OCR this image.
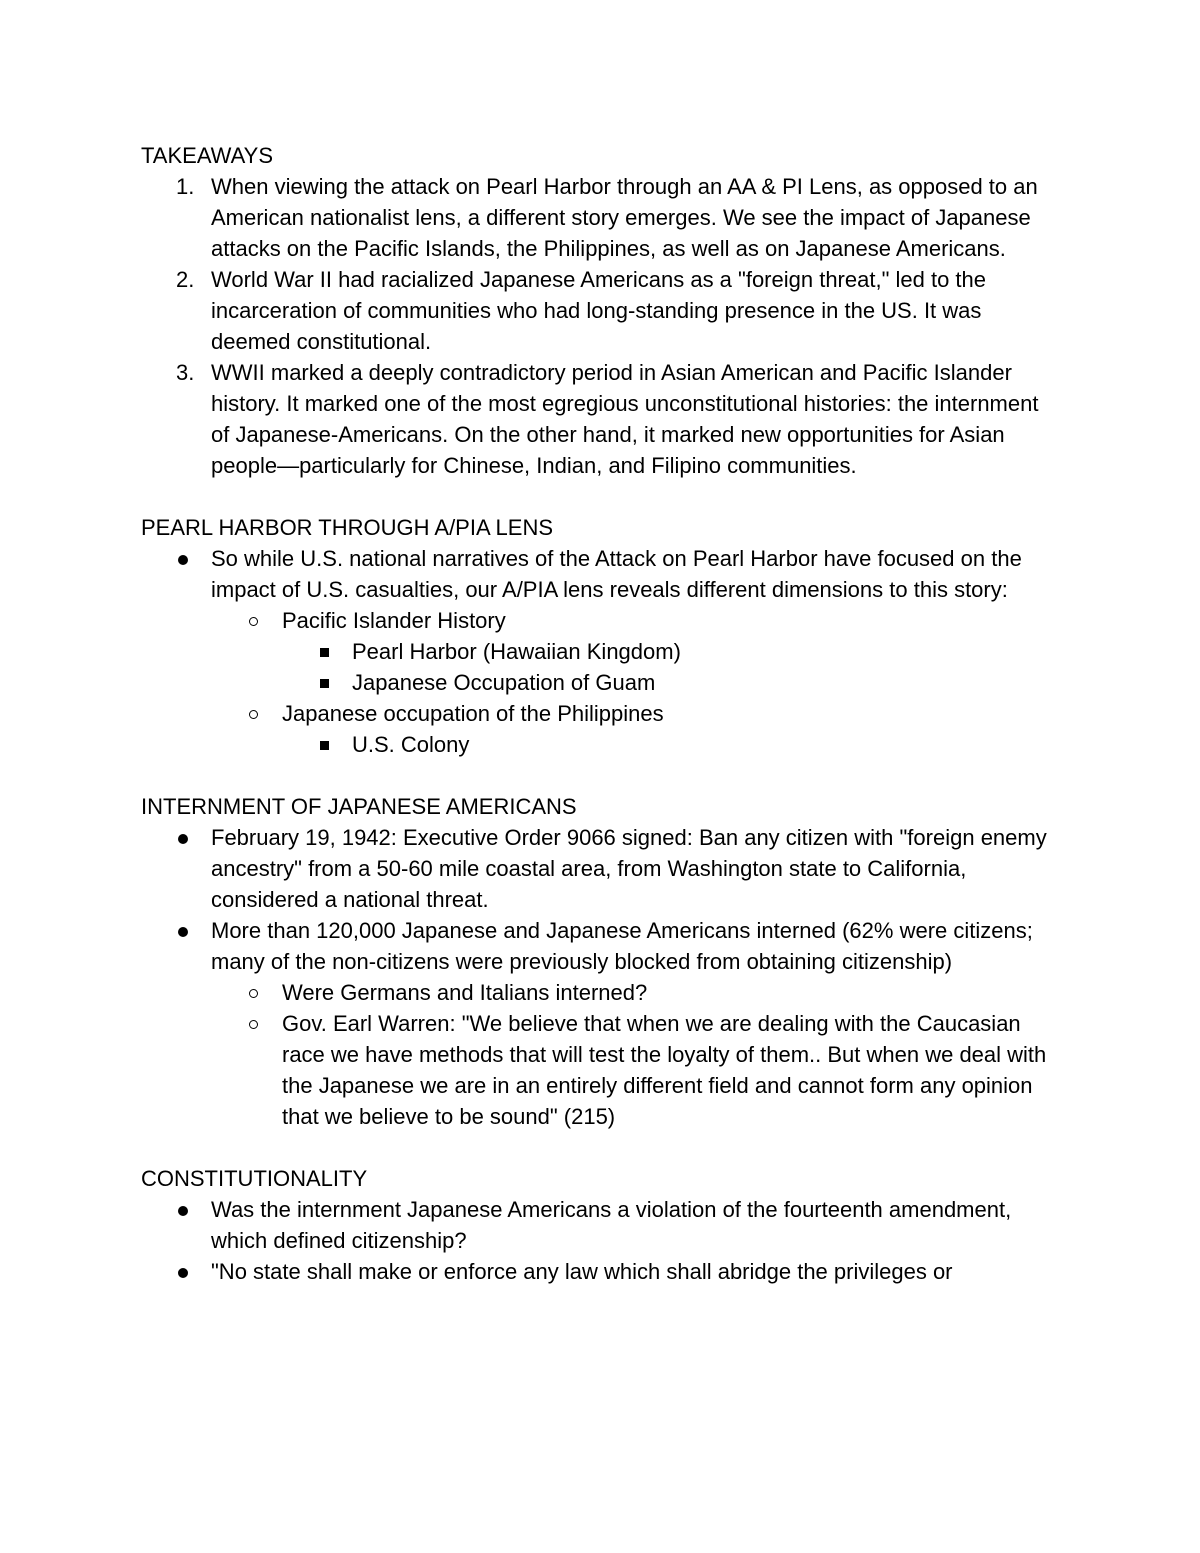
TAKEAWAYS
1. When viewing the attack on Pearl Harbor through an AA & PI Lens, as opposed to an American nationalist lens, a different story emerges. We see the impact of Japanese attacks on the Pacific Islands, the Philippines, as well as on Japanese Americans.
2. World War II had racialized Japanese Americans as a "foreign threat," led to the incarceration of communities who had long-standing presence in the US. It was deemed constitutional.
3. WWII marked a deeply contradictory period in Asian American and Pacific Islander history. It marked one of the most egregious unconstitutional histories: the internment of Japanese-Americans. On the other hand, it marked new opportunities for Asian people—particularly for Chinese, Indian, and Filipino communities.
PEARL HARBOR THROUGH A/PIA LENS
So while U.S. national narratives of the Attack on Pearl Harbor have focused on the impact of U.S. casualties, our A/PIA lens reveals different dimensions to this story:
Pacific Islander History
Pearl Harbor (Hawaiian Kingdom)
Japanese Occupation of Guam
Japanese occupation of the Philippines
U.S. Colony
INTERNMENT OF JAPANESE AMERICANS
February 19, 1942: Executive Order 9066 signed: Ban any citizen with "foreign enemy ancestry" from a 50-60 mile coastal area, from Washington state to California, considered a national threat.
More than 120,000 Japanese and Japanese Americans interned (62% were citizens; many of the non-citizens were previously blocked from obtaining citizenship)
Were Germans and Italians interned?
Gov. Earl Warren: "We believe that when we are dealing with the Caucasian race we have methods that will test the loyalty of them.. But when we deal with the Japanese we are in an entirely different field and cannot form any opinion that we believe to be sound" (215)
CONSTITUTIONALITY
Was the internment Japanese Americans a violation of the fourteenth amendment, which defined citizenship?
"No state shall make or enforce any law which shall abridge the privileges or
